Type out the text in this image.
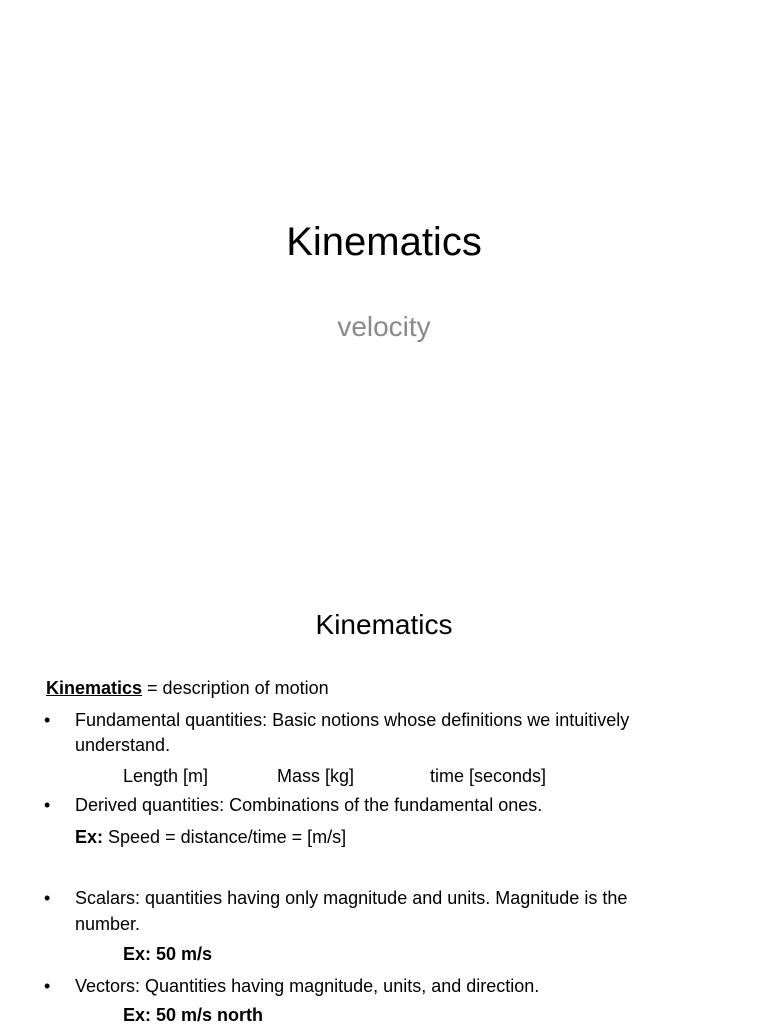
Kinematics
velocity
Kinematics
Kinematics = description of motion
• Fundamental quantities: Basic notions whose definitions we intuitively
understand.
Length [m]	Mass [kg]	time [seconds]
• Derived quantities: Combinations of the fundamental ones.
Ex: Speed = distance/time = [m/s]
• Scalars: quantities having only magnitude and units. Magnitude is the
number.
Ex: 50 m/s
• Vectors: Quantities having magnitude, units, and direction.
Ex: 50 m/s north
